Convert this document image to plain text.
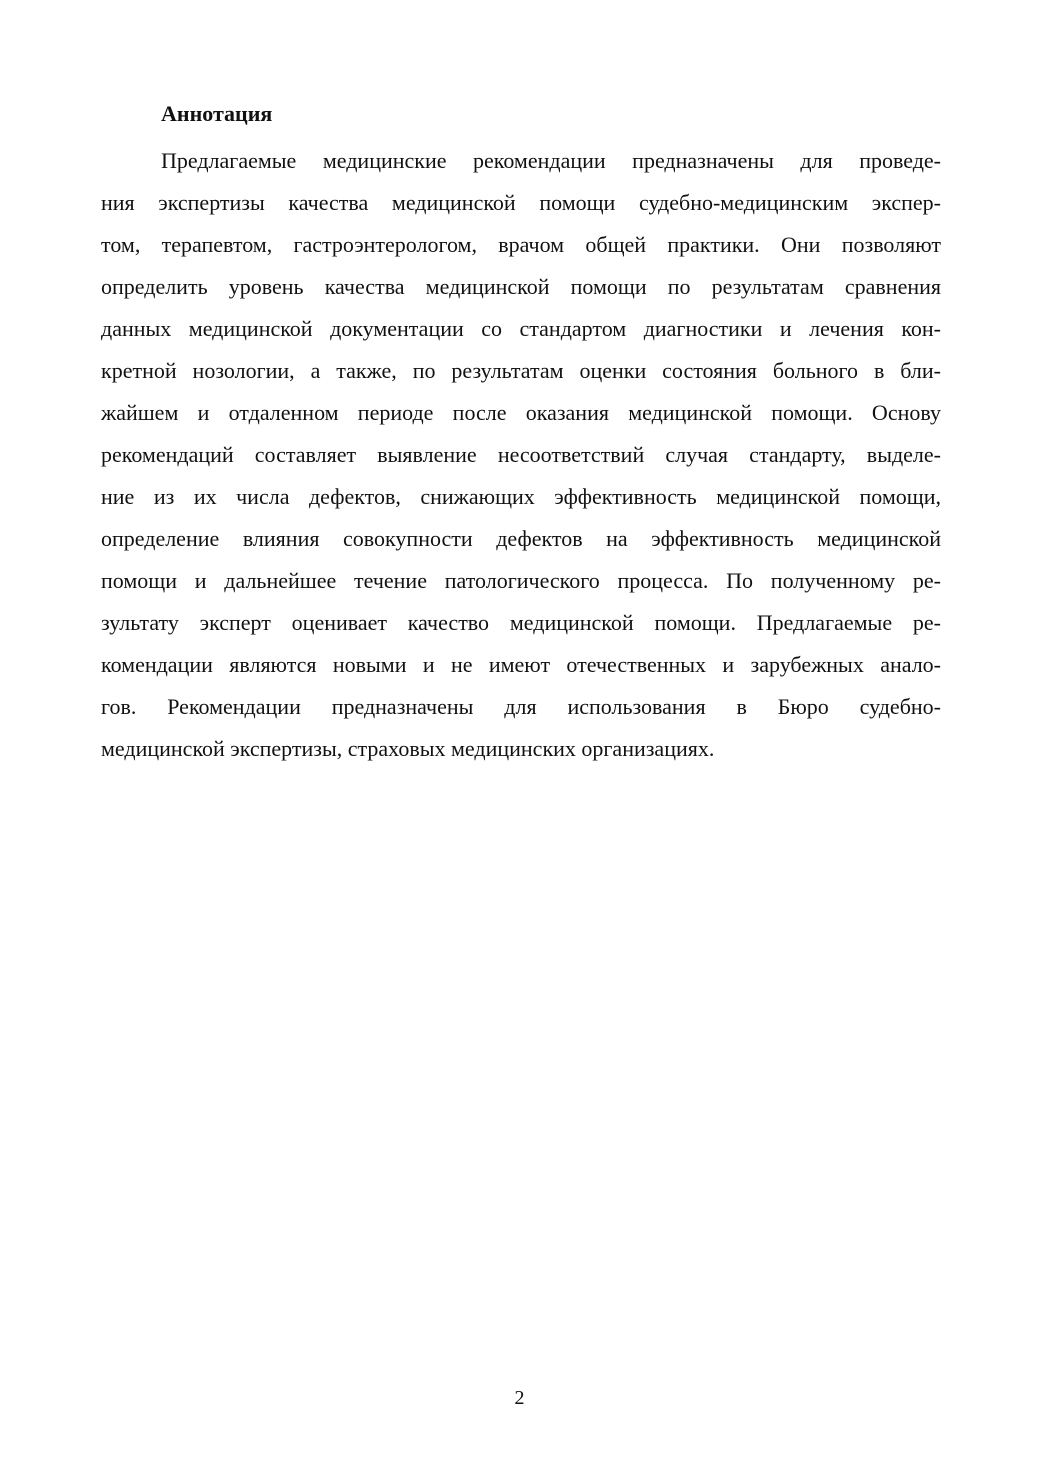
Аннотация
Предлагаемые медицинские рекомендации предназначены для проведе-
ния экспертизы качества медицинской помощи судебно-медицинским экспер-
том, терапевтом, гастроэнтерологом, врачом общей практики. Они позволяют
определить уровень качества медицинской помощи по результатам сравнения
данных медицинской документации со стандартом диагностики и лечения кон-
кретной нозологии, а также, по результатам оценки состояния больного в бли-
жайшем и отдаленном периоде после оказания медицинской помощи. Основу
рекомендаций составляет выявление несоответствий случая стандарту, выделе-
ние из их числа дефектов, снижающих эффективность медицинской помощи,
определение влияния совокупности дефектов на эффективность медицинской
помощи и дальнейшее течение патологического процесса. По полученному ре-
зультату эксперт оценивает качество медицинской помощи. Предлагаемые ре-
комендации являются новыми и не имеют отечественных и зарубежных анало-
гов. Рекомендации предназначены для использования в Бюро судебно-
медицинской экспертизы, страховых медицинских организациях.
2
